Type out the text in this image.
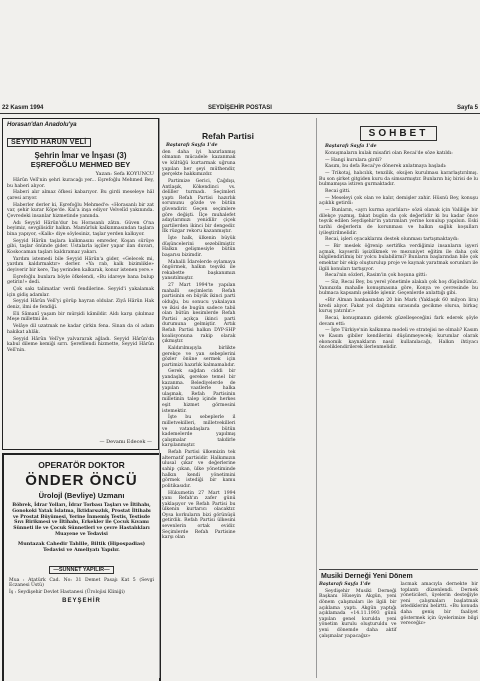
22 Kasım 1994	SEYDİŞEHİR POSTASI	Sayfa 5
Horasan'dan Anadolu'ya
SEYYİD HARUN VELİ
Şehrin İmar ve İnşası (3)
EŞREFOĞLU MEHMED BEY
Yazan: Sefa KOYUNCU

Hârûn Velî'nin şehri kuracağı yer... Eşrefoğlu Mehmed Bey, bu haberi alıyor.

Haberi alır almaz öfkesi kabarıyor. Bu girdi meseleye hâl çaresi arıyor.

Haberler derler ki, Eşrefoğlu Mehmed'e: «Horasanlı bir zat var, şehir kurar Köpe'de. Kal'a inşa ediyor Velvelîd yakınında. Çevredeki insanlar hizmetinde yanında.

Adı Seyyid Hârûn'dur bu Horasanlı zâtın. Güven O'na beyimiz, sevgilisidir halkın. Mamûrluk kalkınmasından taşlara bina yapıyor, «Kalk» diye söylesiniz, taşlar yerden kalkıyor.

Seyyid Hârûn taşlara kalkmasını emreder, Koşan sürüye gibi, taşlar önünde gider. Ustalarla işçiler yapar ilan duvarı, Koskocaman taşları kaldıramaz yakarı.

Yardım istemedi bile Seyyid Hârûn'a gider, «Gelecek mi, yardım kaldırmaktır» derler. «Ya rab, kalk bizimlikle» deyiverir bir kere, Taş yerinden kalkarak, konur istenen yere.»

Eşrefoğlu bunlara böyle öfkelendi, «Bu idareye bana bulup getirin!» dedi.

Çok sakı talimatlar verdi fendilerine. Seyyid'i yakalamak için gidiş adamlar.

Seyyid Hârûn Velî'yi görüp hayran oldular. Ziyâ Hârûn Hak deniz, ilmi de fendiği.

Eli Sâmanî yaşam bir mürşidi kâmildir. Aldı karşı çıkılmaz Meşe milletmi ile.

Velâye dil uzatmak ne kadar çirkin fena. Sinan da ol adam hakikat ahlâk.

Seyyid Hârûn Velî'ye yalvararak ağladı. Seyyid Hârûn'da kabul dileme kemiği sırrı. Şerefilendi hizmette, Seyyid Hârûn Velî'nin.

— Devamı Edecek —
OPERATÖR DOKTOR
ÖNDER ÖNCÜ
Ürolojİ (Bevliye) Uzmanı

Böbrek, İdrar Yolları, İdrar Torbası Taşları ve İltihabı, Gonokoki Yatak İslatma, İktidarsızlık, Prostat İltihabı ve Prostat Büyümesi, Yerine İnmemiş Testis, Testisde Sıvı Birikmesi ve İltihabı, Erkekler ile Çocuk Kıvamı Sünneti ile ve Çocuk Sünnetleri ve çevre Hastalıkları Muayene ve Tedavisi

Muntazak Cahedir Tahlile, Biltik (Hipospadias) Tedavisi ve Ameliyatı Yapılır.

—SÜNNET YAPILIR—

Mua : Atatürk Cad. No: 31 Demet Pasajı Kat 5 (Sevgi Eczanesi Üstü)

İş : Seydişehir Devlet Hastanesi (Ürolojisi Kliniği)

BEYŞEHİR
Refah Partisi
Baştarafı Sayfa 1'de

den daha iyi hazırlanmış olmanın mücadele kazanmak ve kültüğü kurtarmak uğruna yapılan her şeyi müthendir, gerçekte hakkımızdır.

Partimize Gerici, Çağdışı, Antlaşık, Kökendinci vs. deliller turmadı. Seçimleri yaptı Refah Partisi hazırlık sorununu gözde ve bütün güvendirir. Geçen seçimlere göre değişti. İlçe muhalefet adaylarımızı yenidilir çiçek partilerden ikinci bir dengedir. İlk rüzgar rekoru kazanmıştır.

İşte halk, ülkenin büyük düşüncelerini sezebilmiştir. Halkın gelişmesiyle bütün başarısı bizimdir.

Mahalli İdarelerde oylamaya öngörmek, halkın teşviki ile rekabette başkanımızı yansıtılmıştır.

27 Mart 1994'te yapılan mahalli seçimlerin Refah partisinin en büyük ikinci parti olduğu, bu sonucu yakalayan ve ikisi de bugün sadece tabii olan bütün kesimlerde Refah Partisi açıkça ikinci parti durumuna gelmiştir. Artık Refah Partisi halkın DYP-SHP koalisyonuna rakip olarak çıkmıştır.

Kaldırılmışıyla birlikte gerekçe ve yan sebeplerini gözler önüne sermek için partimizi hazırlık kalmamalıdır.

Gerek sağdan ciddi bir yandaşlık, gerekse temel bir kazanma. Belediyelerde de yapılan vaatlerle halka ulaşmak, Refah Partisinin milletinin talep içinde herkes eşit hizmet görmesini istemektir.

İşte bu sebeplerle il milletvekilleri, milletvekilleri ve vatandaşlara bütün kademelerde yapılmış çalışmalar takdirle karşılanmıştır.

Refah Partisi ülkemizin tek alternatif partisidir. Halkımızın ulusal çıkar ve değerlerine sahip çıkan, ülke yönetiminde halkın kendi yönetimini görmek istediği bir kamu politikasıdır.

Hükumetin 27 Mart 1994 yanı Refah'ın zafer günü yaklaşıyor ve Refah Partisi bu ülkenin kurtarıcı olacaktır. Oysa korkuların bizi görünüşü getirdik. Refah Partisi ülkesini sevenlerin ortak evidir. Seçimlerde Refah Partisine karşı olan

SOHBET
Baştarafı Sayfa 1'de

Konuşmaların kulak misafiri olan Recai'de söze katıldı:

— Hangi kurulara girdi?

Kasım, bu defa Recai'ye dönerek anlatmaya başladı:

— Trikotaj, halıcılık, tenzilik, oksijen kurulması kararlaştırılmış. Bu son şirket gitgiden kuru da simsarmıştır. Bunların hiç birisi de lu bulmamışsa istiren gurmaktadır.

Recai gitti.

— Meseleyi çok olan ve kalır, demişler zahir. Hüsnü Bey, konuşu açıklık getirdi:

— Bunların, «ayrı kurma ayarlıları» sözü olanak için Valiliğe bir dilekçe yazmış, fakat bugün da çok değerlidir ki bu kadar önce teşvik edilen Seydişehir'in yatırımları yerine konulup yapılsın. Eski tarihi değerlerin de korunması ve halkın sağlık koşulları iyileştirilmelidir.

Recai, işleri oyacaklarını destek olunması tartışmaktaydı:

— Bir meslek öğrenip sertifika verdiğimiz insanların işyeri açmak, kayserili işsizlikmek ve mezuniyet eğitim ile daha çok bilgilendirilmiş bir yolcu bulabilirmi? Bunların başlarından bile çok emektar bir ekip oluşturulup proje ve kaynak yaratmak sorunları ile ilgili konuları tartışıyor.

Recai'nin sözleri, Rasim'in çok hoşuna gitti:

— Siz, Recai Bey, bu yerel yönetimle alakalı çok hoş düşündünüz. Yanınızda mahalle konuşmasına göre, Konya ve çevresinde bu bulmaca kapsamlı şekilde işlenir. Geçenlerde anlattığı gibi.

«Bir Alman bankasından 20 bin Mark (Yaklaşık 60 milyon lira) kredi alıyor. Fakat yol dağıtımı sırasında gecikme olursa, birkaç kuruş yatırılır.»

Recai, konuşmanın giderek güzelleşeceğini fark ederek şöyle devam etti:

— İşte Türkiye'nin kalkınma modeli ve stratejisi ne olmalı? Kasım ve Kasım gibiler kendilerini düşünmeyecek; kurumlar olarak ekonomik kaynakların nasıl kullanılacağı, Halkın ihtiyacı önceliklendirilerek ilerlenmelidir.

Musiki Derneği Yeni Dönem
Baştarafı Sayfa 1'de

Seydişehir Musiki Derneği Başkanı Hüseyin Akgün, yeni dönem çalışmaları ile ilgili bir açıklama yaptı. Akgün yaptığı açıklamada «14.11.1993 günü yapılan genel kurulda yeni yönetim kurulu oluşturuldu ve yeni dönemde daha aktif çalışmalar yapacağız»

lacmak amacıyla dernekte bir toplantı düzenlendi. Dernek yöneticileri, üyelerin desteğiyle yeni çalışmaları başlatmak istediklerini belirtti. «Bu konuda daha geniş bir faaliyet göstermek için üyelerimize bilgi vereceğiz»
